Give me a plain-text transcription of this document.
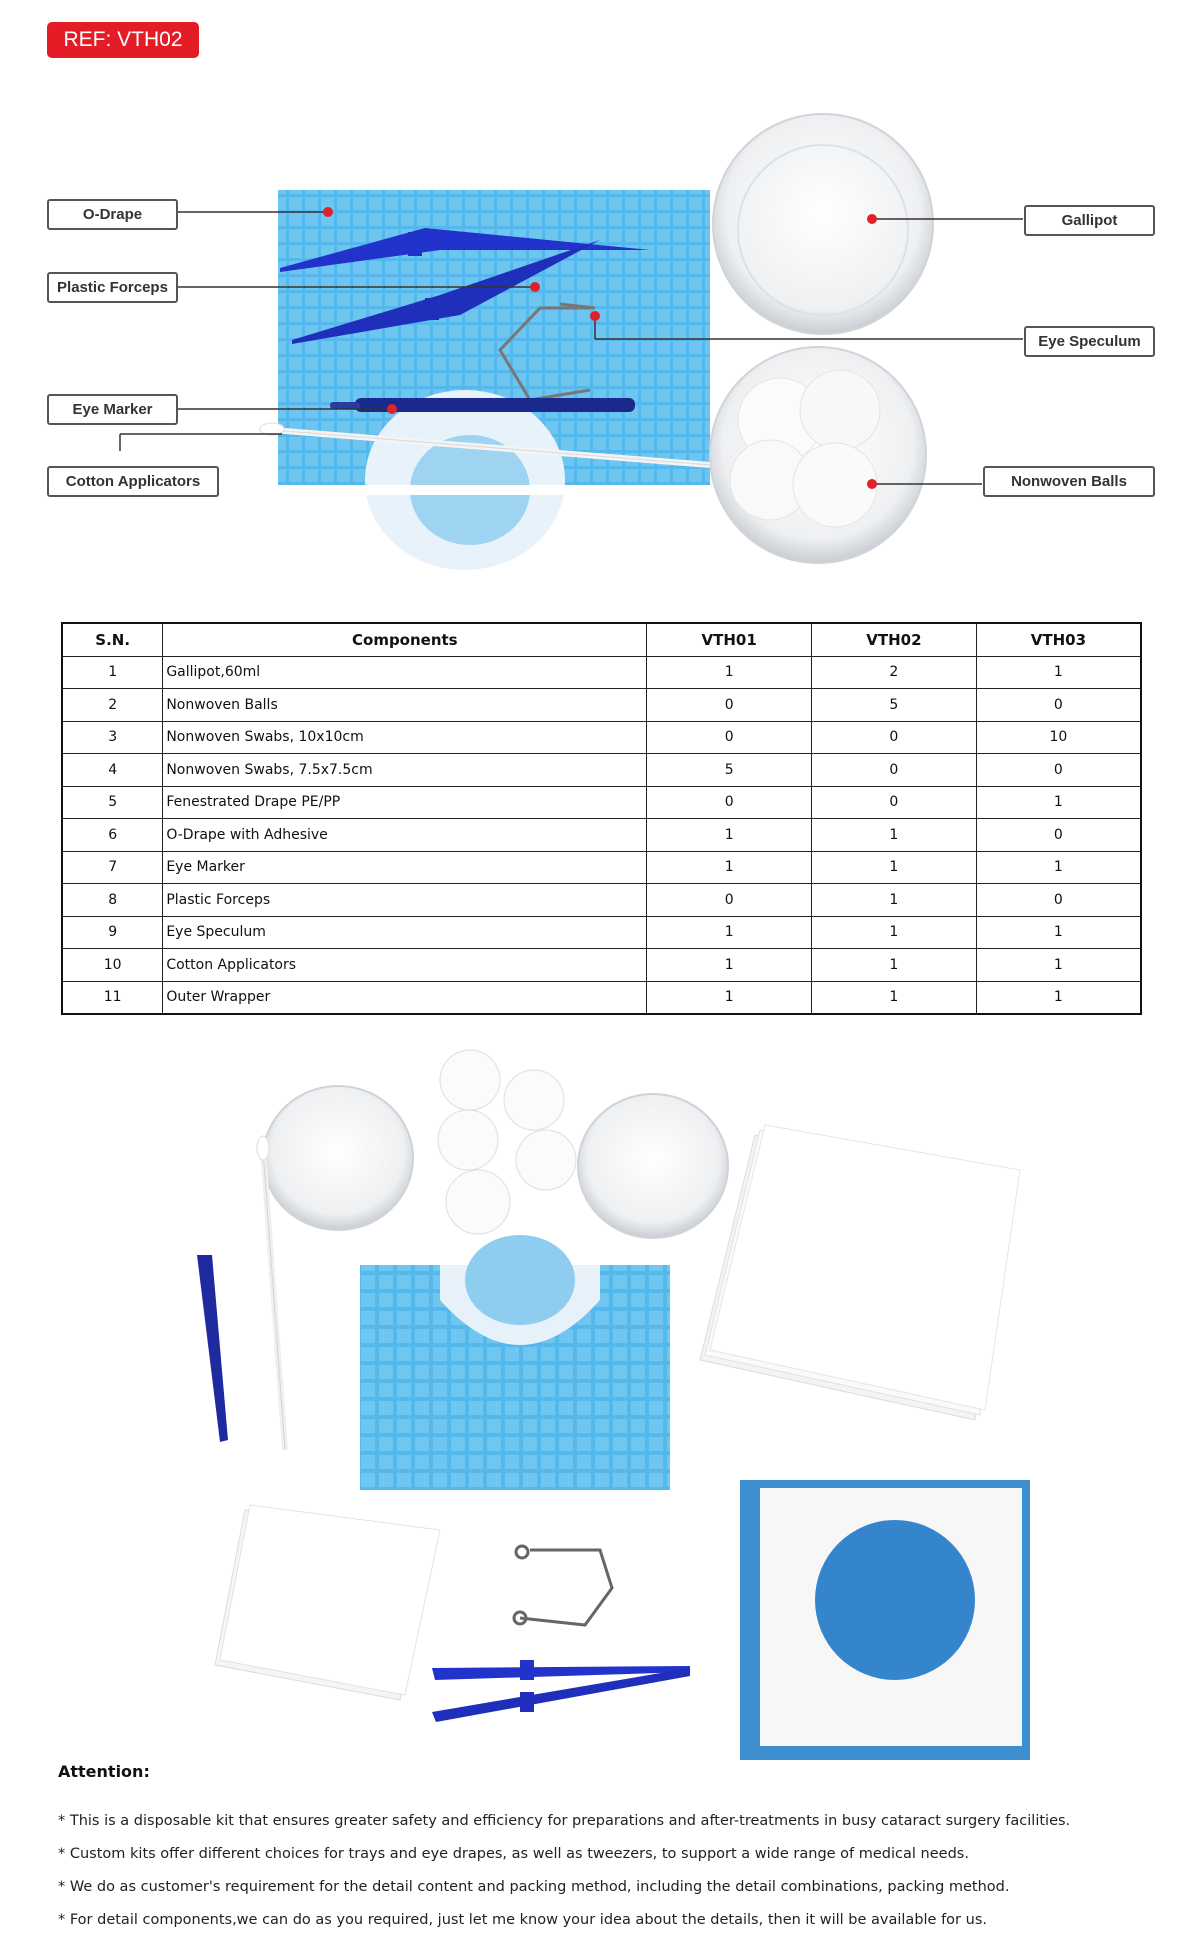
REF: VTH02
O-Drape
Plastic Forceps
Eye Marker
Cotton Applicators
Gallipot
Eye Speculum
Nonwoven Balls
S.N.	Components	VTH01	VTH02	VTH03
1	Gallipot,60ml	1	2	1
2	Nonwoven Balls	0	5	0
3	Nonwoven Swabs, 10x10cm	0	0	10
4	Nonwoven Swabs, 7.5x7.5cm	5	0	0
5	Fenestrated Drape PE/PP	0	0	1
6	O-Drape with Adhesive	1	1	0
7	Eye Marker	1	1	1
8	Plastic Forceps	0	1	0
9	Eye Speculum	1	1	1
10	Cotton Applicators	1	1	1
11	Outer Wrapper	1	1	1
Attention:

* This is a disposable kit that ensures greater safety and efficiency for preparations and after-treatments in busy cataract surgery facilities.

* Custom kits offer different choices for trays and eye drapes, as well as tweezers, to support a wide range of medical needs.

* We do as customer's requirement for the detail content and packing method, including the detail combinations, packing method.

* For detail components,we can do as you required, just let me know your idea about the details, then it will be available for us.
